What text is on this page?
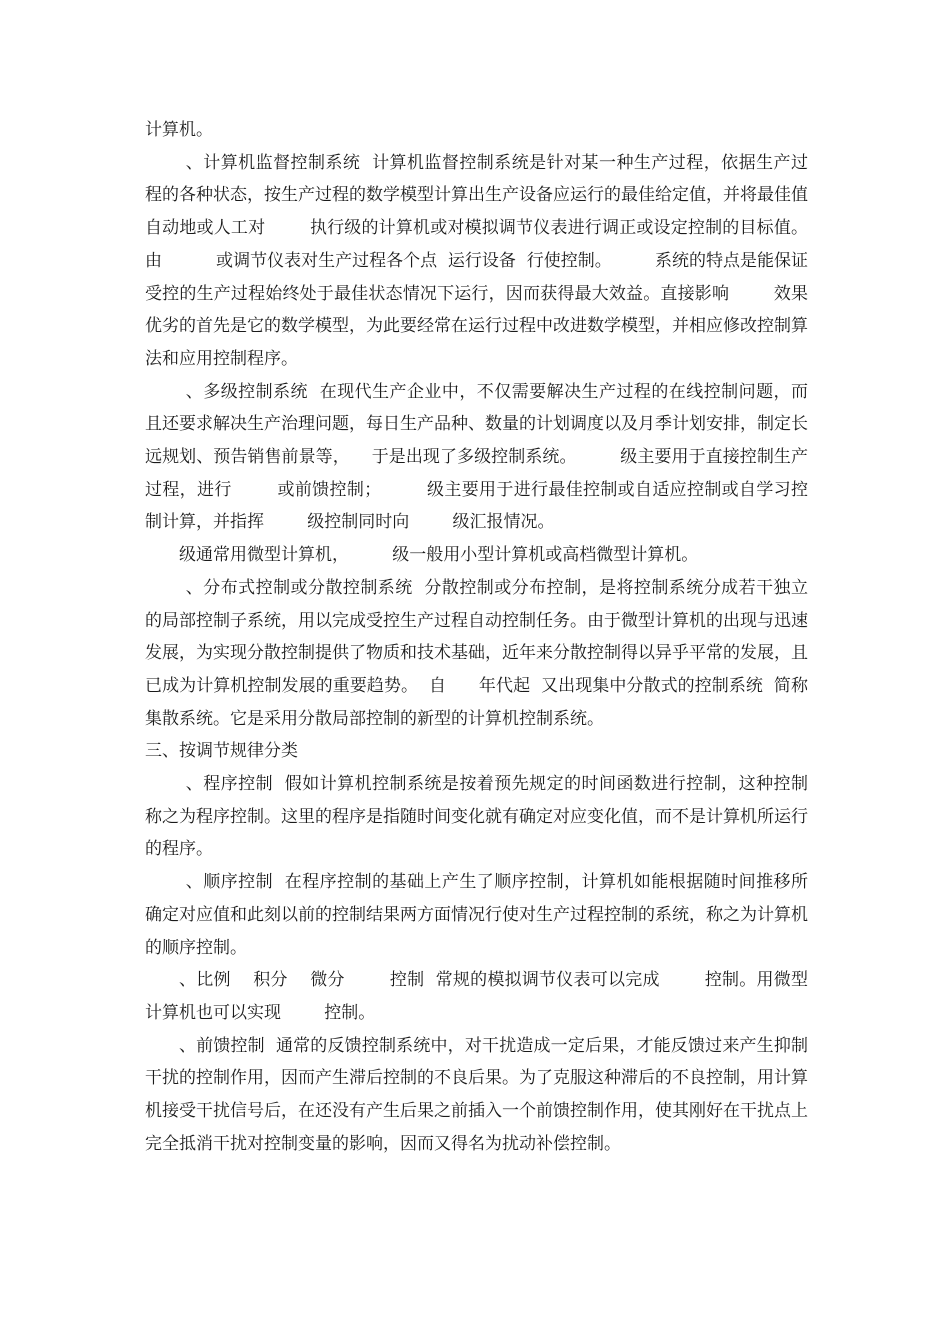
计算机。

、计算机监督控制系统  计算机监督控制系统是针对某一种生产过程，依据生产过程的各种状态，按生产过程的数学模型计算出生产设备应运行的最佳给定值，并将最佳值自动地或人工对        执行级的计算机或对模拟调节仪表进行调正或设定控制的目标值。由          或调节仪表对生产过程各个点  运行设备  行使控制。        系统的特点是能保证受控的生产过程始终处于最佳状态情况下运行，因而获得最大效益。直接影响        效果优劣的首先是它的数学模型，为此要经常在运行过程中改进数学模型，并相应修改控制算法和应用控制程序。

、多级控制系统  在现代生产企业中，不仅需要解决生产过程的在线控制问题，而且还要求解决生产治理问题，每日生产品种、数量的计划调度以及月季计划安排，制定长远规划、预告销售前景等，    于是出现了多级控制系统。        级主要用于直接控制生产过程，进行        或前馈控制；        级主要用于进行最佳控制或自适应控制或自学习控制计算，并指挥        级控制同时向        级汇报情况。

级通常用微型计算机，        级一般用小型计算机或高档微型计算机。

、分布式控制或分散控制系统  分散控制或分布控制，是将控制系统分成若干独立的局部控制子系统，用以完成受控生产过程自动控制任务。由于微型计算机的出现与迅速发展，为实现分散控制提供了物质和技术基础，近年来分散控制得以异乎平常的发展，且已成为计算机控制发展的重要趋势。  自      年代起  又出现集中分散式的控制系统  简称集散系统。它是采用分散局部控制的新型的计算机控制系统。

三、按调节规律分类

、程序控制  假如计算机控制系统是按着预先规定的时间函数进行控制，这种控制称之为程序控制。这里的程序是指随时间变化就有确定对应变化值，而不是计算机所运行的程序。

、顺序控制  在程序控制的基础上产生了顺序控制，计算机如能根据随时间推移所确定对应值和此刻以前的控制结果两方面情况行使对生产过程控制的系统，称之为计算机的顺序控制。

、比例    积分    微分        控制  常规的模拟调节仪表可以完成        控制。用微型计算机也可以实现        控制。

、前馈控制  通常的反馈控制系统中，对干扰造成一定后果，才能反馈过来产生抑制干扰的控制作用，因而产生滞后控制的不良后果。为了克服这种滞后的不良控制，用计算机接受干扰信号后，在还没有产生后果之前插入一个前馈控制作用，使其刚好在干扰点上完全抵消干扰对控制变量的影响，因而又得名为扰动补偿控制。
